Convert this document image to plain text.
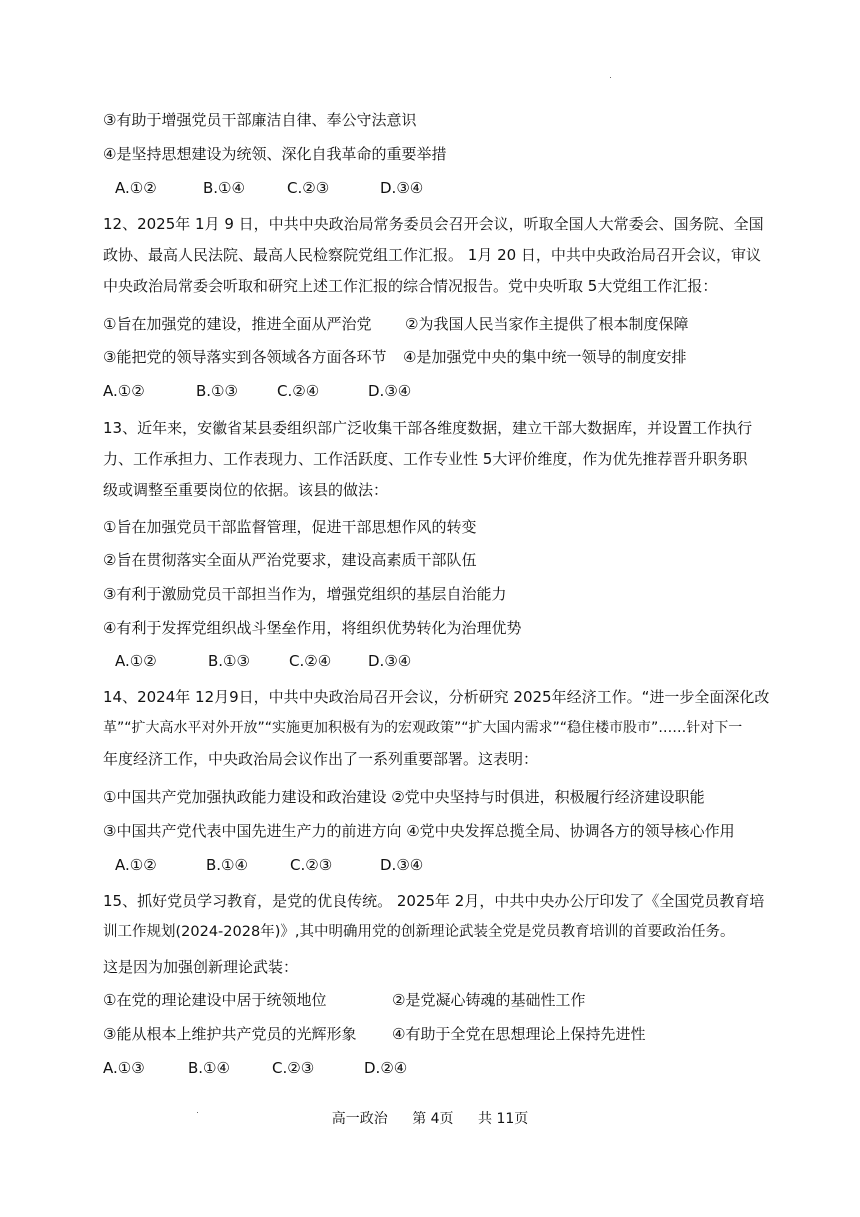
③有助于增强党员干部廉洁自律、奉公守法意识
④是坚持思想建设为统领、深化自我革命的重要举措
A.①②	B.①④	C.②③	D.③④
12、2025年 1月 9 日，中共中央政治局常务委员会召开会议，听取全国人大常委会、国务院、全国
政协、最高人民法院、最高人民检察院党组工作汇报。 1月 20 日，中共中央政治局召开会议，审议
中央政治局常委会听取和研究上述工作汇报的综合情况报告。党中央听取 5大党组工作汇报：
①旨在加强党的建设，推进全面从严治党 ②为我国人民当家作主提供了根本制度保障
③能把党的领导落实到各领域各方面各环节 ④是加强党中央的集中统一领导的制度安排
A.①②	B.①③	C.②④	D.③④
13、近年来，安徽省某县委组织部广泛收集干部各维度数据，建立干部大数据库，并设置工作执行
力、工作承担力、工作表现力、工作活跃度、工作专业性 5大评价维度，作为优先推荐晋升职务职
级或调整至重要岗位的依据。该县的做法：
①旨在加强党员干部监督管理，促进干部思想作风的转变
②旨在贯彻落实全面从严治党要求，建设高素质干部队伍
③有利于激励党员干部担当作为，增强党组织的基层自治能力
④有利于发挥党组织战斗堡垒作用，将组织优势转化为治理优势
A.①②	B.①③	C.②④ D.③④
14、2024年 12月9日，中共中央政治局召开会议，分析研究 2025年经济工作。“进一步全面深化改
革”“扩大高水平对外开放”“实施更加积极有为的宏观政策”“扩大国内需求”“稳住楼市股市”……针对下一
年度经济工作，中央政治局会议作出了一系列重要部署。这表明：
①中国共产党加强执政能力建设和政治建设 ②党中央坚持与时俱进，积极履行经济建设职能
③中国共产党代表中国先进生产力的前进方向 ④党中央发挥总揽全局、协调各方的领导核心作用
A.①②	B.①④	C.②③	D.③④
15、抓好党员学习教育，是党的优良传统。 2025年 2月，中共中央办公厅印发了《全国党员教育培
训工作规划(2024-2028年)》,其中明确用党的创新理论武装全党是党员教育培训的首要政治任务。
这是因为加强创新理论武装：
①在党的理论建设中居于统领地位	②是党凝心铸魂的基础性工作
③能从根本上维护共产党员的光辉形象 ④有助于全党在思想理论上保持先进性
A.①③	B.①④	C.②③	D.②④
高一政治 第 4页 共 11页
